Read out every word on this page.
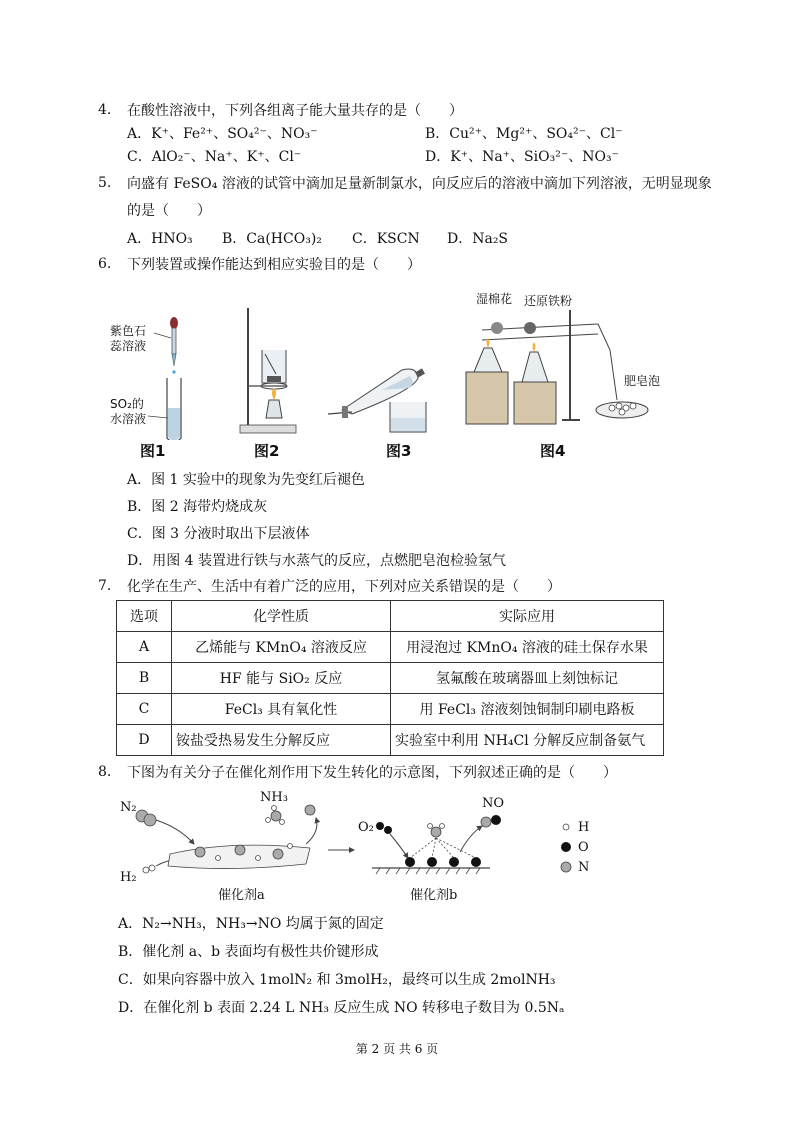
4. 在酸性溶液中，下列各组离子能大量共存的是（　　）
A．K⁺、Fe²⁺、SO₄²⁻、NO₃⁻	B．Cu²⁺、Mg²⁺、SO₄²⁻、Cl⁻
C．AlO₂⁻、Na⁺、K⁺、Cl⁻	D．K⁺、Na⁺、SiO₃²⁻、NO₃⁻
5. 向盛有 FeSO₄ 溶液的试管中滴加足量新制氯水，向反应后的溶液中滴加下列溶液，无明显现象
的是（　　）
A．HNO₃ B．Ca(HCO₃)₂ C．KSCN D．Na₂S
6. 下列装置或操作能达到相应实验目的是（　　）
紫色石
蕊溶液
SO₂的
水溶液
图1	图2	图3
湿棉花 还原铁粉
肥皂泡
图4
A．图 1 实验中的现象为先变红后褪色
B．图 2 海带灼烧成灰
C．图 3 分液时取出下层液体
D．用图 4 装置进行铁与水蒸气的反应，点燃肥皂泡检验氢气
7. 化学在生产、生活中有着广泛的应用，下列对应关系错误的是（　　）
选项	化学性质	实际应用
A	乙烯能与 KMnO₄ 溶液反应	用浸泡过 KMnO₄ 溶液的硅土保存水果
B	HF 能与 SiO₂ 反应	氢氟酸在玻璃器皿上刻蚀标记
C	FeCl₃ 具有氧化性	用 FeCl₃ 溶液刻蚀铜制印刷电路板
D	铵盐受热易发生分解反应	实验室中利用 NH₄Cl 分解反应制备氨气
8. 下图为有关分子在催化剂作用下发生转化的示意图，下列叙述正确的是（　　）
N₂
NH₃
H₂
O₂
NO
催化剂a	催化剂b
H
O
N
A．N₂→NH₃，NH₃→NO 均属于氮的固定
B．催化剂 a、b 表面均有极性共价键形成
C．如果向容器中放入 1molN₂ 和 3molH₂，最终可以生成 2molNH₃
D．在催化剂 b 表面 2.24 L NH₃ 反应生成 NO 转移电子数目为 0.5Nₐ
第 2 页 共 6 页
